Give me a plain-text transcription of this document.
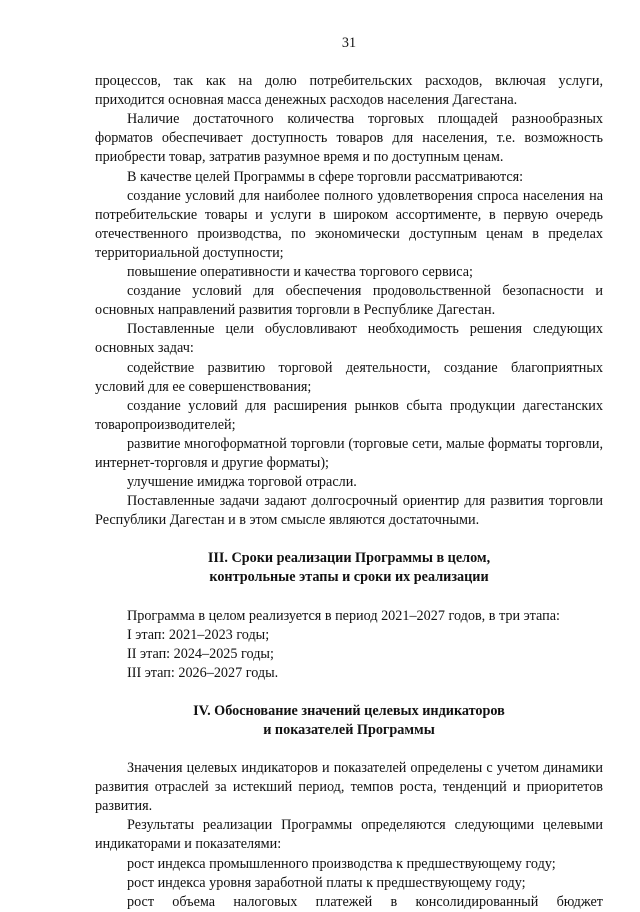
31

процессов, так как на долю потребительских расходов, включая услуги, приходится основная масса денежных расходов населения Дагестана.

Наличие достаточного количества торговых площадей разнообразных форматов обеспечивает доступность товаров для населения, т.е. возможность приобрести товар, затратив разумное время и по доступным ценам.

В качестве целей Программы в сфере торговли рассматриваются:

создание условий для наиболее полного удовлетворения спроса населения на потребительские товары и услуги в широком ассортименте, в первую очередь отечественного производства, по экономически доступным ценам в пределах территориальной доступности;

повышение оперативности и качества торгового сервиса;

создание условий для обеспечения продовольственной безопасности и основных направлений развития торговли в Республике Дагестан.

Поставленные цели обусловливают необходимость решения следующих основных задач:

содействие развитию торговой деятельности, создание благоприятных условий для ее совершенствования;

создание условий для расширения рынков сбыта продукции дагестанских товаропроизводителей;

развитие многоформатной торговли (торговые сети, малые форматы торговли, интернет-торговля и другие форматы);

улучшение имиджа торговой отрасли.

Поставленные задачи задают долгосрочный ориентир для развития торговли Республики Дагестан и в этом смысле являются достаточными.

III. Сроки реализации Программы в целом,
контрольные этапы и сроки их реализации

Программа в целом реализуется в период 2021–2027 годов, в три этапа:

I этап: 2021–2023 годы;

II этап: 2024–2025 годы;

III этап: 2026–2027 годы.

IV. Обоснование значений целевых индикаторов
и показателей Программы

Значения целевых индикаторов и показателей определены с учетом динамики развития отраслей за истекший период, темпов роста, тенденций и приоритетов развития.

Результаты реализации Программы определяются следующими целевыми индикаторами и показателями:

рост индекса промышленного производства к предшествующему году;

рост индекса уровня заработной платы к предшествующему году;

рост объема налоговых платежей в консолидированный бюджет
